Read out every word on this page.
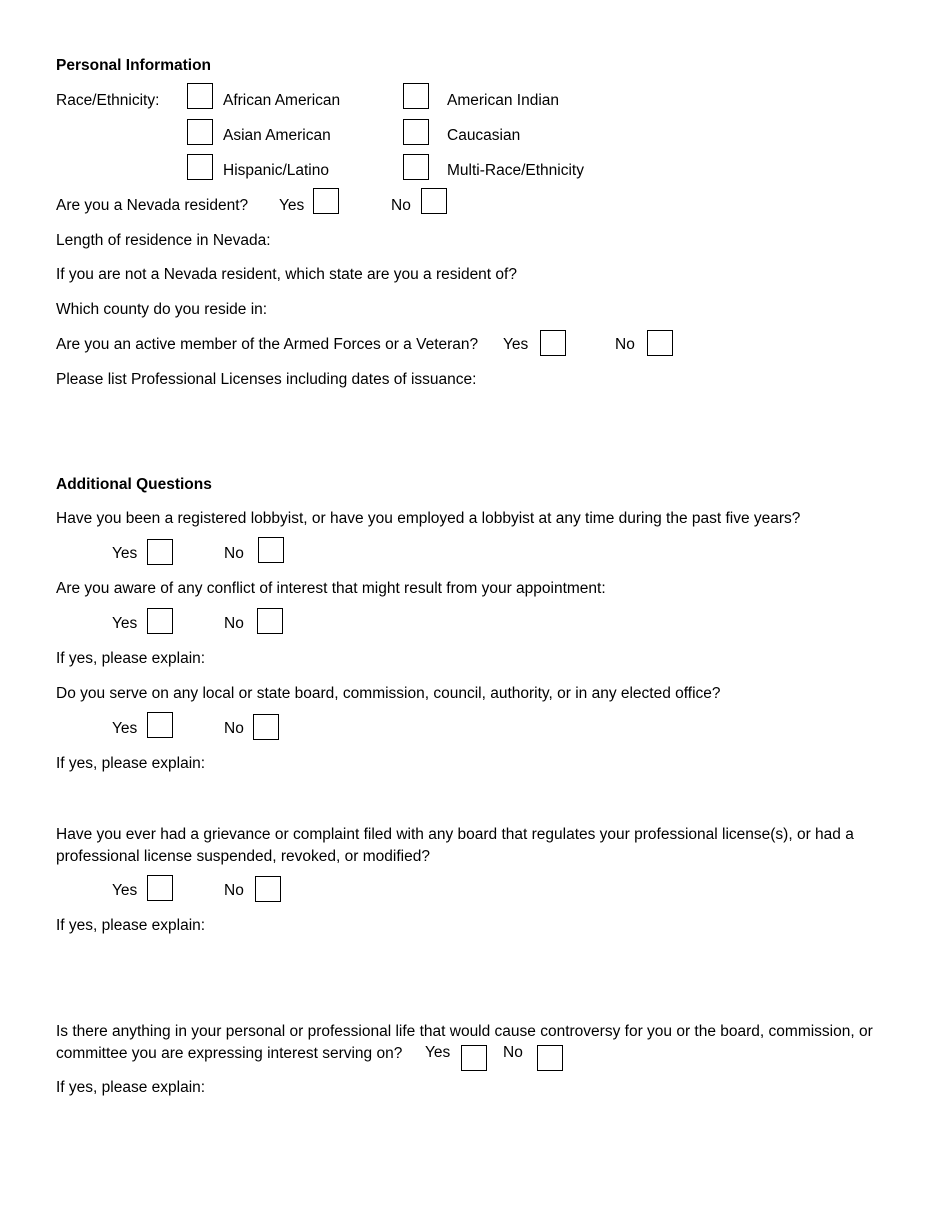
Personal Information
Race/Ethnicity:	African American	American Indian
Asian American	Caucasian
Hispanic/Latino	Multi-Race/Ethnicity
Are you a Nevada resident? Yes	No
Length of residence in Nevada:
If you are not a Nevada resident, which state are you a resident of?
Which county do you reside in:
Are you an active member of the Armed Forces or a Veteran? Yes	No
Please list Professional Licenses including dates of issuance:
Additional Questions
Have you been a registered lobbyist, or have you employed a lobbyist at any time during the past five years?
Yes	No
Are you aware of any conflict of interest that might result from your appointment:
Yes	No
If yes, please explain:
Do you serve on any local or state board, commission, council, authority, or in any elected office?
Yes	No
If yes, please explain:
Have you ever had a grievance or complaint filed with any board that regulates your professional license(s), or had a professional license suspended, revoked, or modified?
Yes	No
If yes, please explain:
Is there anything in your personal or professional life that would cause controversy for you or the board, commission, or committee you are expressing interest serving on?	Yes	No
If yes, please explain:
